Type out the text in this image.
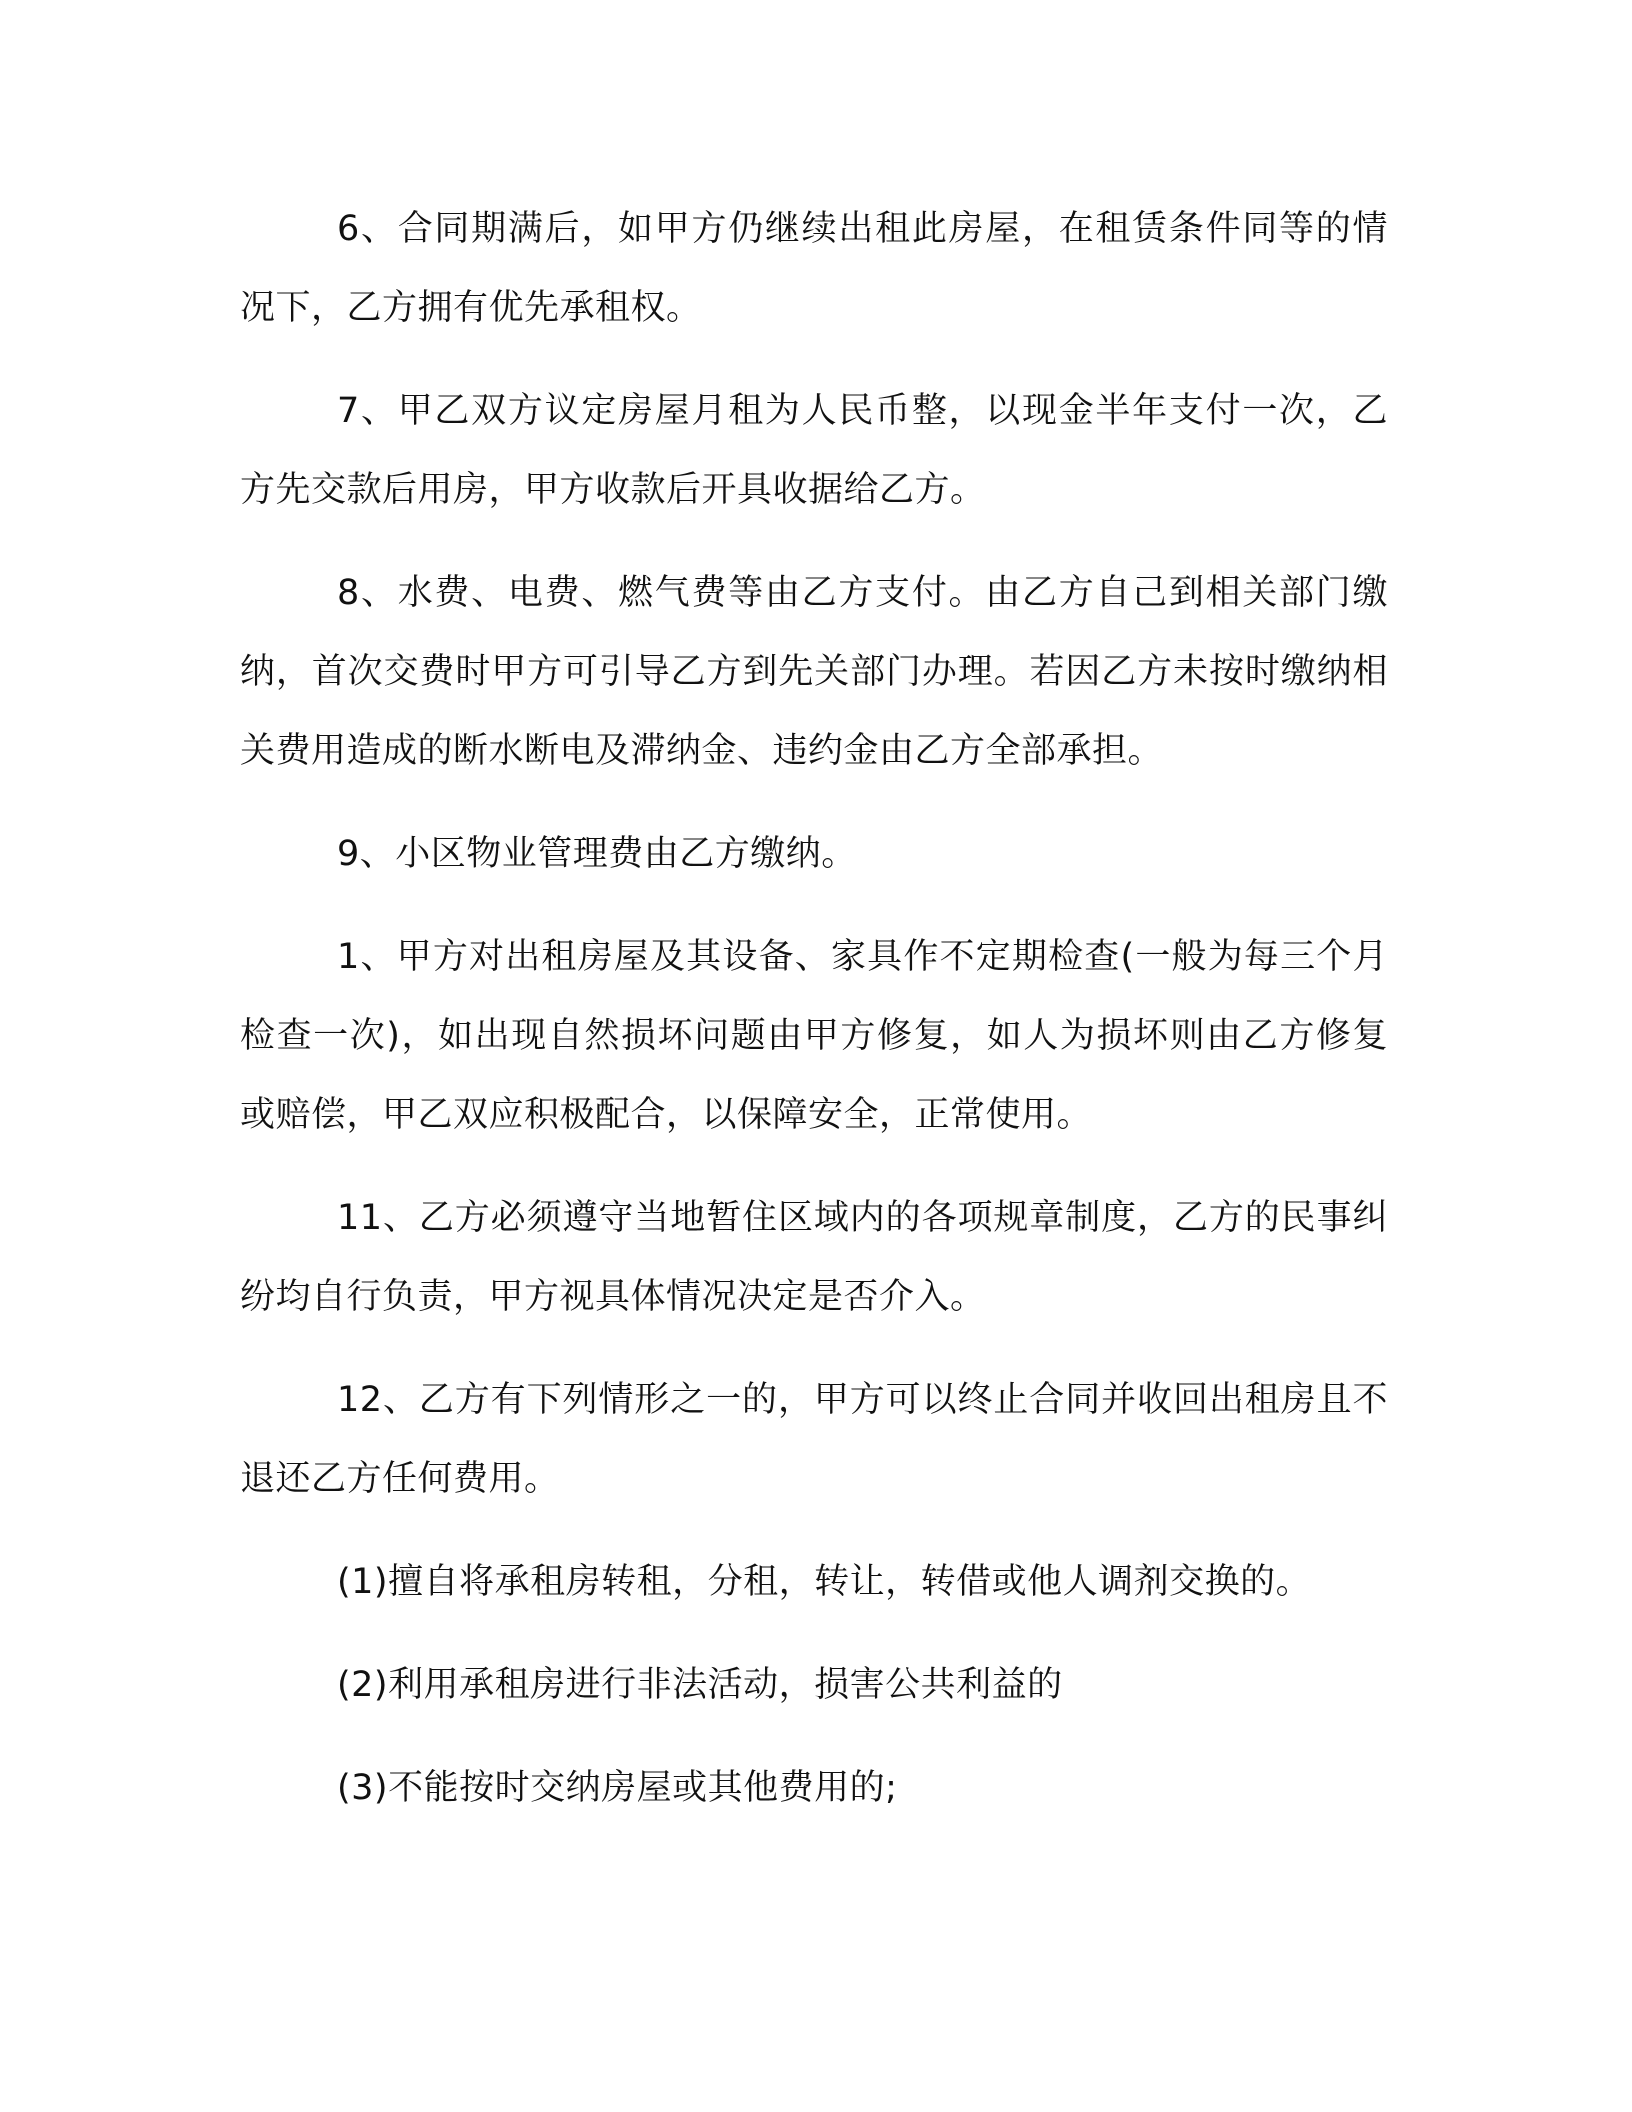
6、合同期满后，如甲方仍继续出租此房屋，在租赁条件同等的情况下，乙方拥有优先承租权。

7、甲乙双方议定房屋月租为人民币整，以现金半年支付一次，乙方先交款后用房，甲方收款后开具收据给乙方。

8、水费、电费、燃气费等由乙方支付。由乙方自己到相关部门缴纳，首次交费时甲方可引导乙方到先关部门办理。若因乙方未按时缴纳相关费用造成的断水断电及滞纳金、违约金由乙方全部承担。

9、小区物业管理费由乙方缴纳。

1、甲方对出租房屋及其设备、家具作不定期检查(一般为每三个月检查一次)，如出现自然损坏问题由甲方修复，如人为损坏则由乙方修复或赔偿，甲乙双应积极配合，以保障安全，正常使用。

11、乙方必须遵守当地暂住区域内的各项规章制度，乙方的民事纠纷均自行负责，甲方视具体情况决定是否介入。

12、乙方有下列情形之一的，甲方可以终止合同并收回出租房且不退还乙方任何费用。

(1)擅自将承租房转租，分租，转让，转借或他人调剂交换的。

(2)利用承租房进行非法活动，损害公共利益的

(3)不能按时交纳房屋或其他费用的;
